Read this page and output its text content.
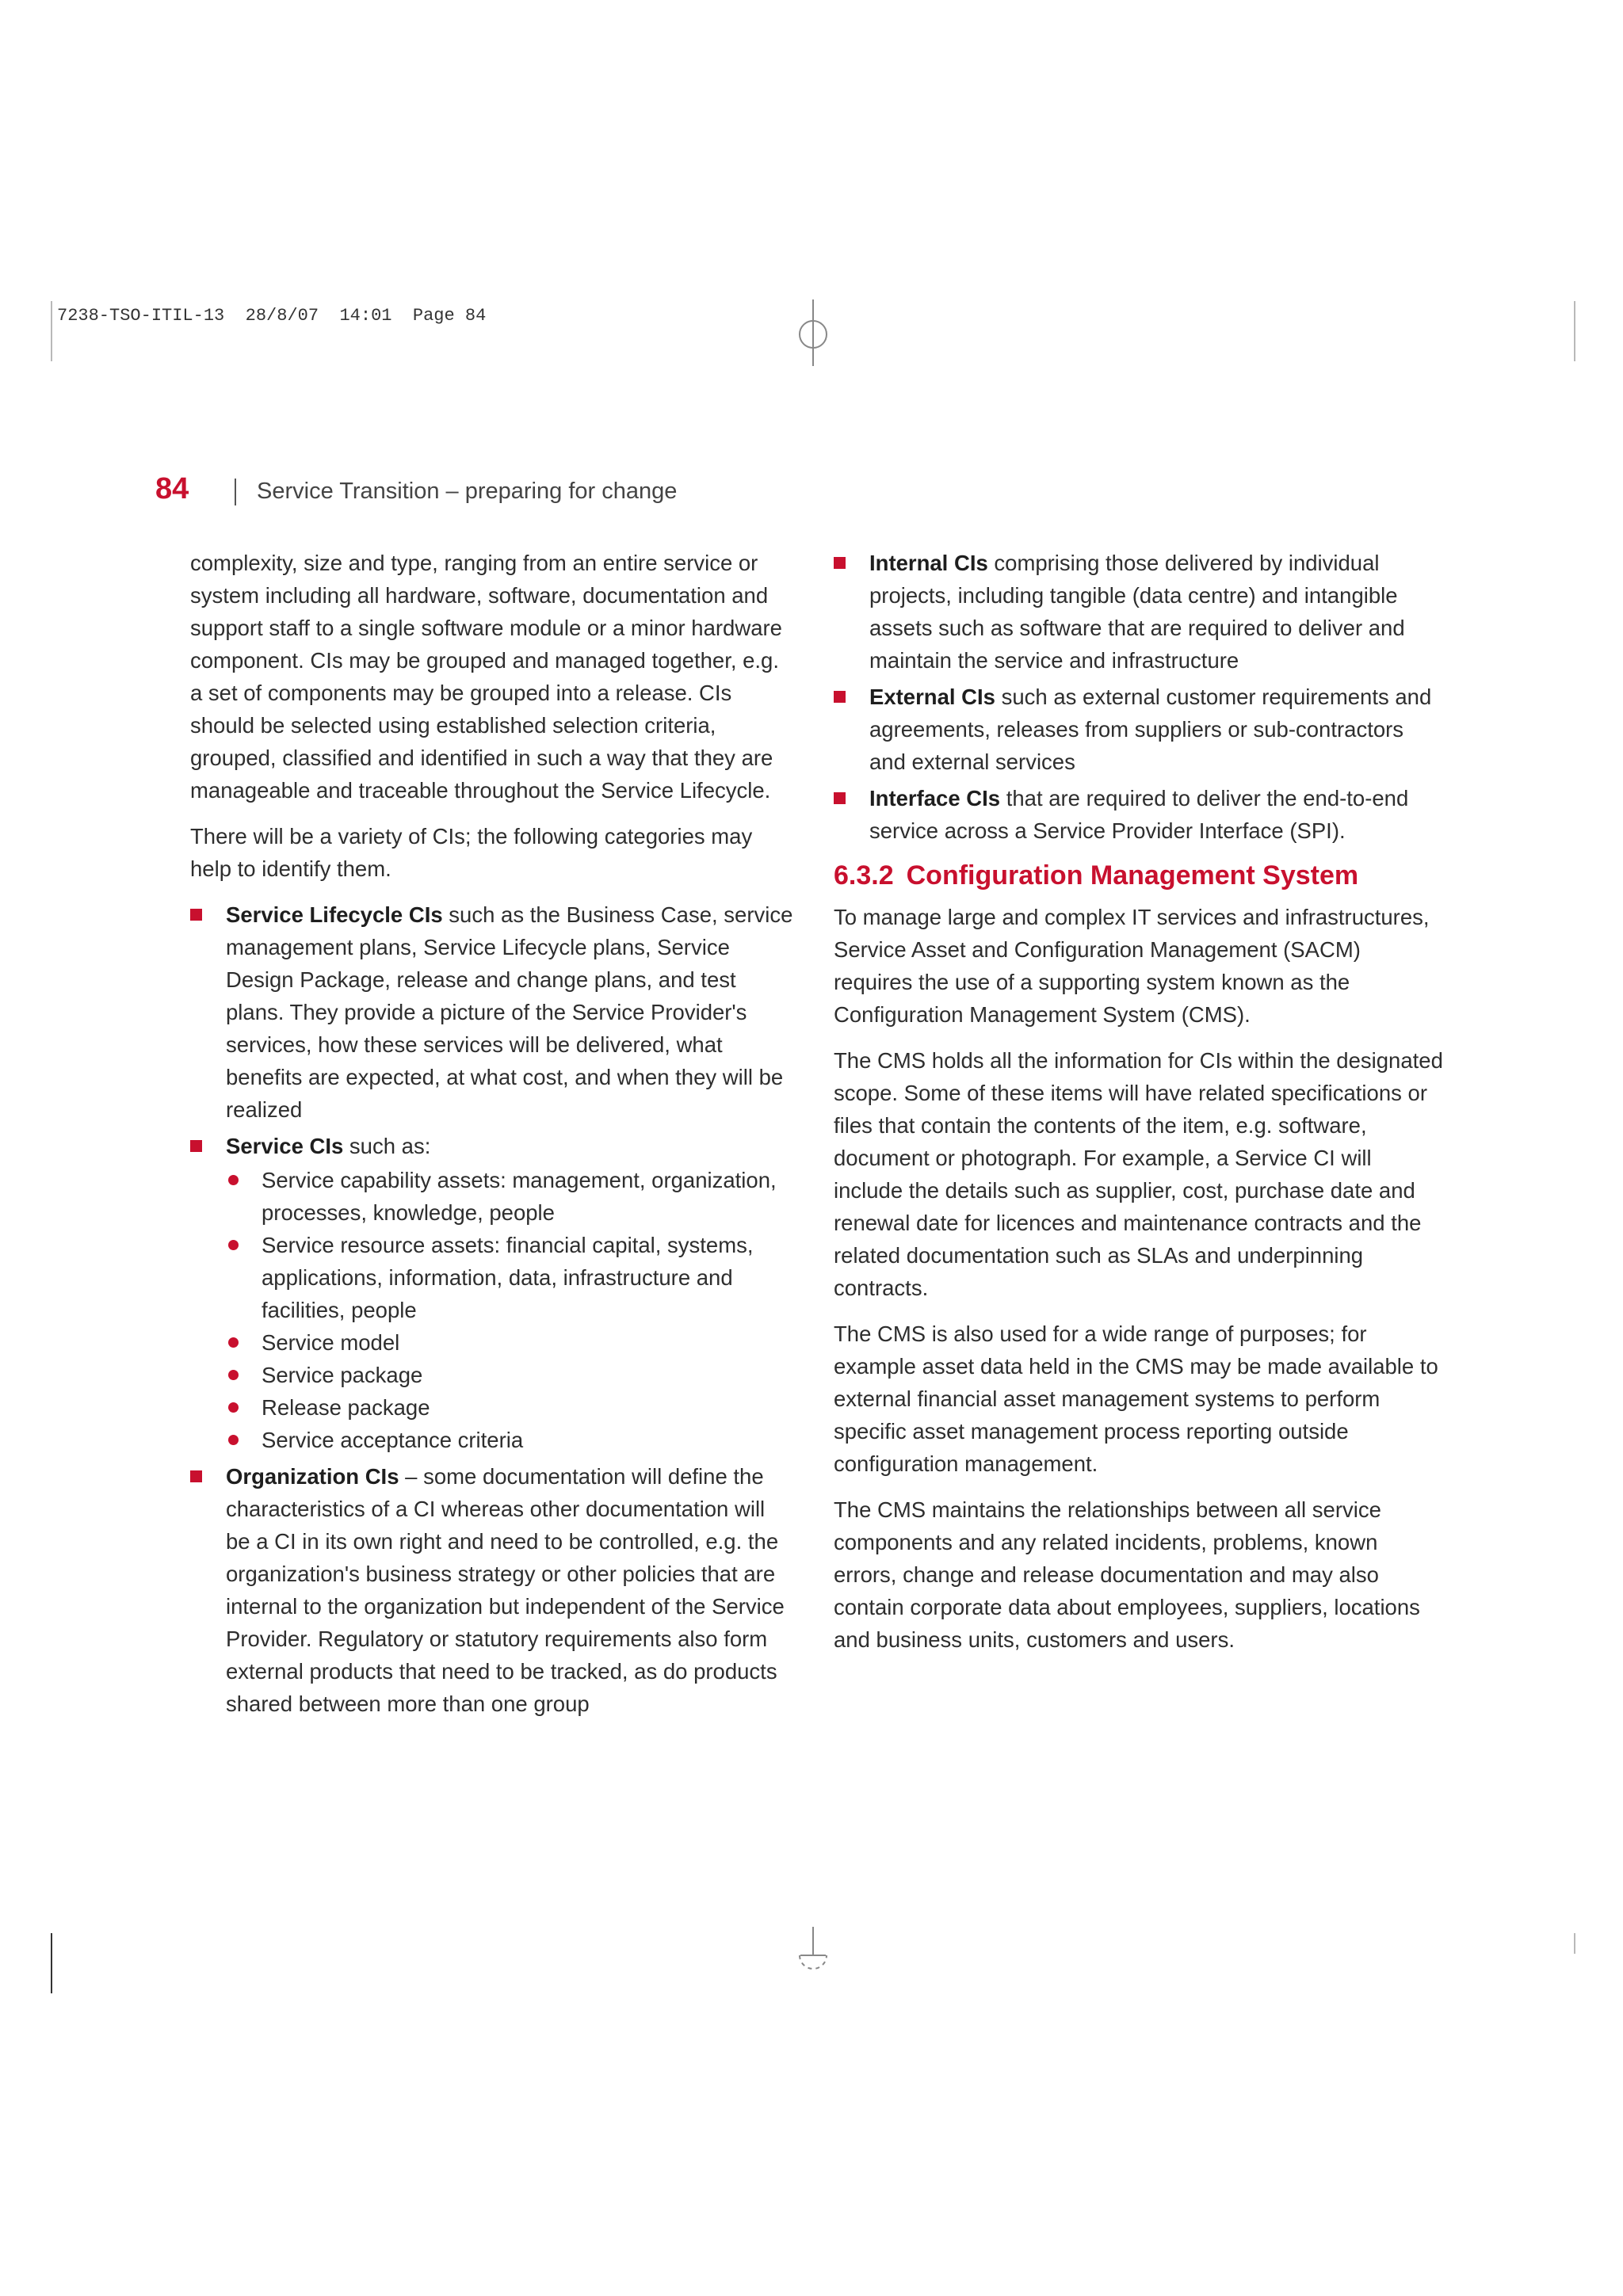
7238-TSO-ITIL-13  28/8/07  14:01  Page 84
84	Service Transition – preparing for change

complexity, size and type, ranging from an entire service or system including all hardware, software, documentation and support staff to a single software module or a minor hardware component. CIs may be grouped and managed together, e.g. a set of components may be grouped into a release. CIs should be selected using established selection criteria, grouped, classified and identified in such a way that they are manageable and traceable throughout the Service Lifecycle.

There will be a variety of CIs; the following categories may help to identify them.

Service Lifecycle CIs such as the Business Case, service management plans, Service Lifecycle plans, Service Design Package, release and change plans, and test plans. They provide a picture of the Service Provider's services, how these services will be delivered, what benefits are expected, at what cost, and when they will be realized
Service CIs such as:
Service capability assets: management, organization, processes, knowledge, people
Service resource assets: financial capital, systems, applications, information, data, infrastructure and facilities, people
Service model
Service package
Release package
Service acceptance criteria
Organization CIs – some documentation will define the characteristics of a CI whereas other documentation will be a CI in its own right and need to be controlled, e.g. the organization's business strategy or other policies that are internal to the organization but independent of the Service Provider. Regulatory or statutory requirements also form external products that need to be tracked, as do products shared between more than one group
Internal CIs comprising those delivered by individual projects, including tangible (data centre) and intangible assets such as software that are required to deliver and maintain the service and infrastructure
External CIs such as external customer requirements and agreements, releases from suppliers or sub-contractors and external services
Interface CIs that are required to deliver the end-to-end service across a Service Provider Interface (SPI).
6.3.2 Configuration Management System

To manage large and complex IT services and infrastructures, Service Asset and Configuration Management (SACM) requires the use of a supporting system known as the Configuration Management System (CMS).

The CMS holds all the information for CIs within the designated scope. Some of these items will have related specifications or files that contain the contents of the item, e.g. software, document or photograph. For example, a Service CI will include the details such as supplier, cost, purchase date and renewal date for licences and maintenance contracts and the related documentation such as SLAs and underpinning contracts.

The CMS is also used for a wide range of purposes; for example asset data held in the CMS may be made available to external financial asset management systems to perform specific asset management process reporting outside configuration management.

The CMS maintains the relationships between all service components and any related incidents, problems, known errors, change and release documentation and may also contain corporate data about employees, suppliers, locations and business units, customers and users.
